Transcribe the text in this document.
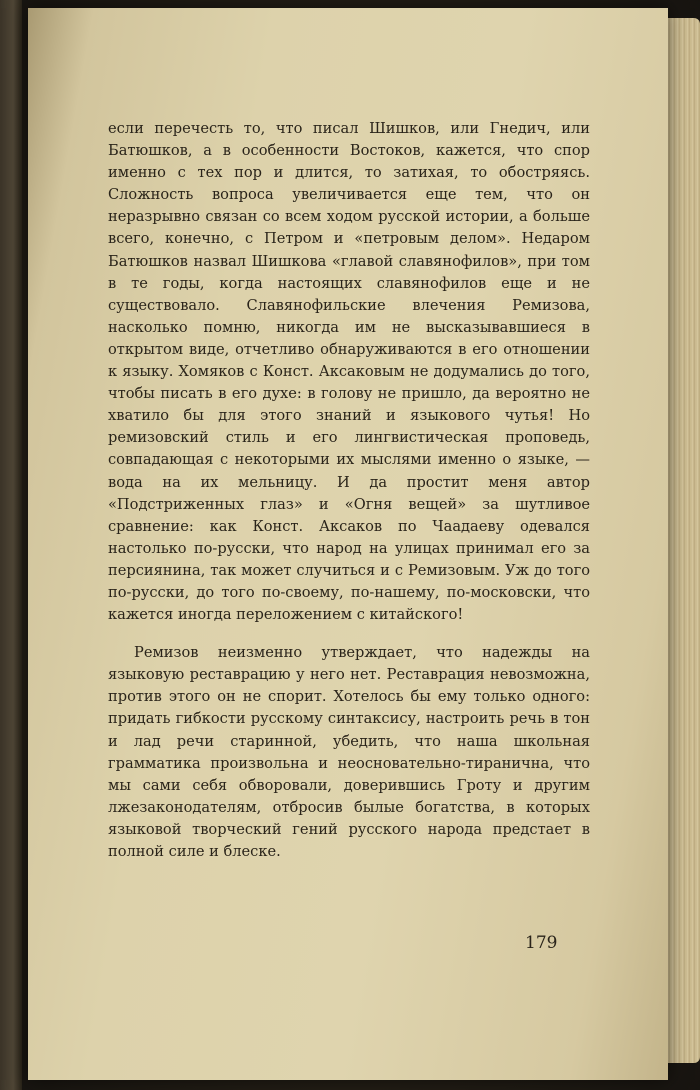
если перечесть то, что писал Шишков, или Гнедич, или Батюшков, а в особенности Востоков, кажется, что спор именно с тех пор и длится, то затихая, то обостряясь. Сложность вопроса увеличивается еще тем, что он неразрывно связан со всем ходом русской истории, а больше всего, конечно, с Петром и «петровым делом». Недаром Батюшков назвал Шишкова «главой славянофилов», при том в те годы, когда настоящих славянофилов еще и не существовало. Славянофильские влечения Ремизова, насколько помню, никогда им не высказывавшиеся в открытом виде, отчетливо обнаруживаются в его отношении к языку. Хомяков с Конст. Аксаковым не додумались до того, чтобы писать в его духе: в голову не пришло, да вероятно не хватило бы для этого знаний и языкового чутья! Но ремизовский стиль и его лингвистическая проповедь, совпадающая с некоторыми их мыслями именно о языке, — вода на их мельницу. И да простит меня автор «Подстриженных глаз» и «Огня вещей» за шутливое сравнение: как Конст. Аксаков по Чаадаеву одевался настолько по-русски, что народ на улицах принимал его за персиянина, так может случиться и с Ремизовым. Уж до того по-русски, до того по-своему, по-нашему, по-московски, что кажется иногда переложением с китайского!

Ремизов неизменно утверждает, что надежды на языковую реставрацию у него нет. Реставрация невозможна, против этого он не спорит. Хотелось бы ему только одного: придать гибкости русскому синтаксису, настроить речь в тон и лад речи старинной, убедить, что наша школьная грамматика произвольна и неосновательно-тиранична, что мы сами себя обворовали, доверившись Гроту и другим лжезаконодателям, отбросив былые богатства, в которых языковой творческий гений русского народа предстает в полной силе и блеске.

179
